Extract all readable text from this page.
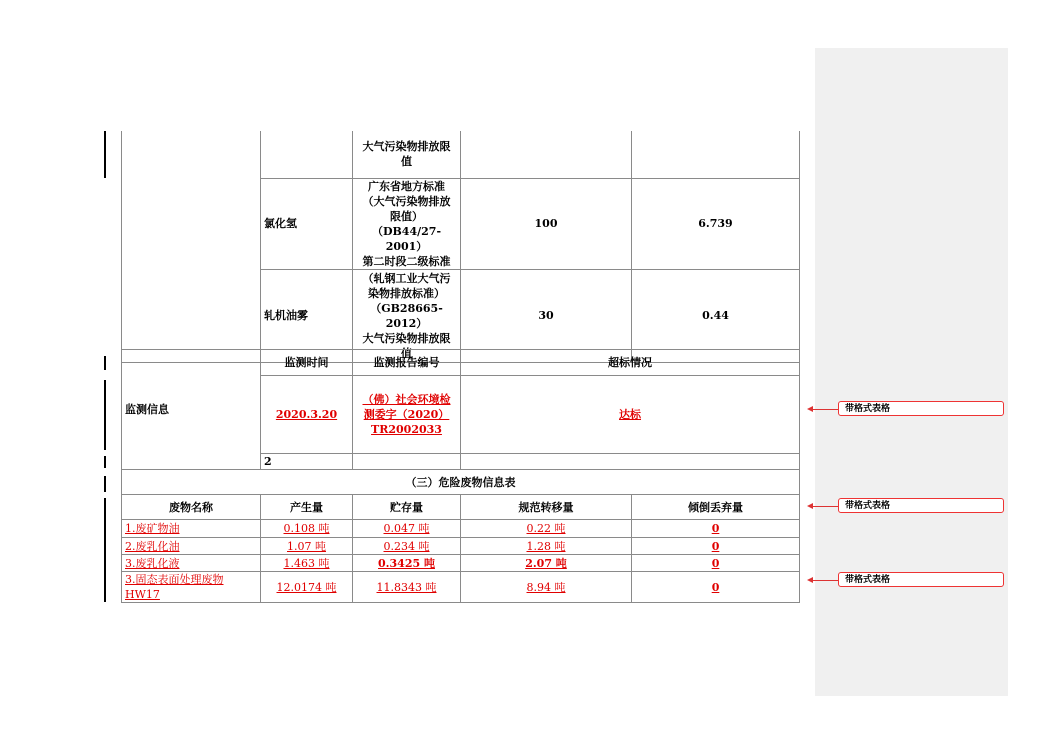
		大气污染物排放限
值		
	氯化氢	广东省地方标准
（大气污染物排放
限值）
（DB44/27-2001）
第二时段二级标准	100	6.739
	轧机油雾	（轧钢工业大气污
染物排放标准）
（GB28665-2012）
大气污染物排放限
值	30	0.44
监测信息	监测时间	监测报告编号	超标情况
	2020.3.20	（佛）社会环境检
测委字（2020）
TR2002033	达标
	2		
（三）危险废物信息表				
废物名称	产生量	贮存量	规范转移量	倾倒丢弃量
1.废矿物油	0.108 吨	0.047 吨	0.22 吨	0
2.废乳化油	1.07 吨	0.234 吨	1.28 吨	0
3.废乳化液	1.463 吨	0.3425 吨	2.07 吨	0
3.固态表面处理废物
HW17	12.0174 吨	11.8343 吨	8.94 吨	0
带格式表格
带格式表格
带格式表格
